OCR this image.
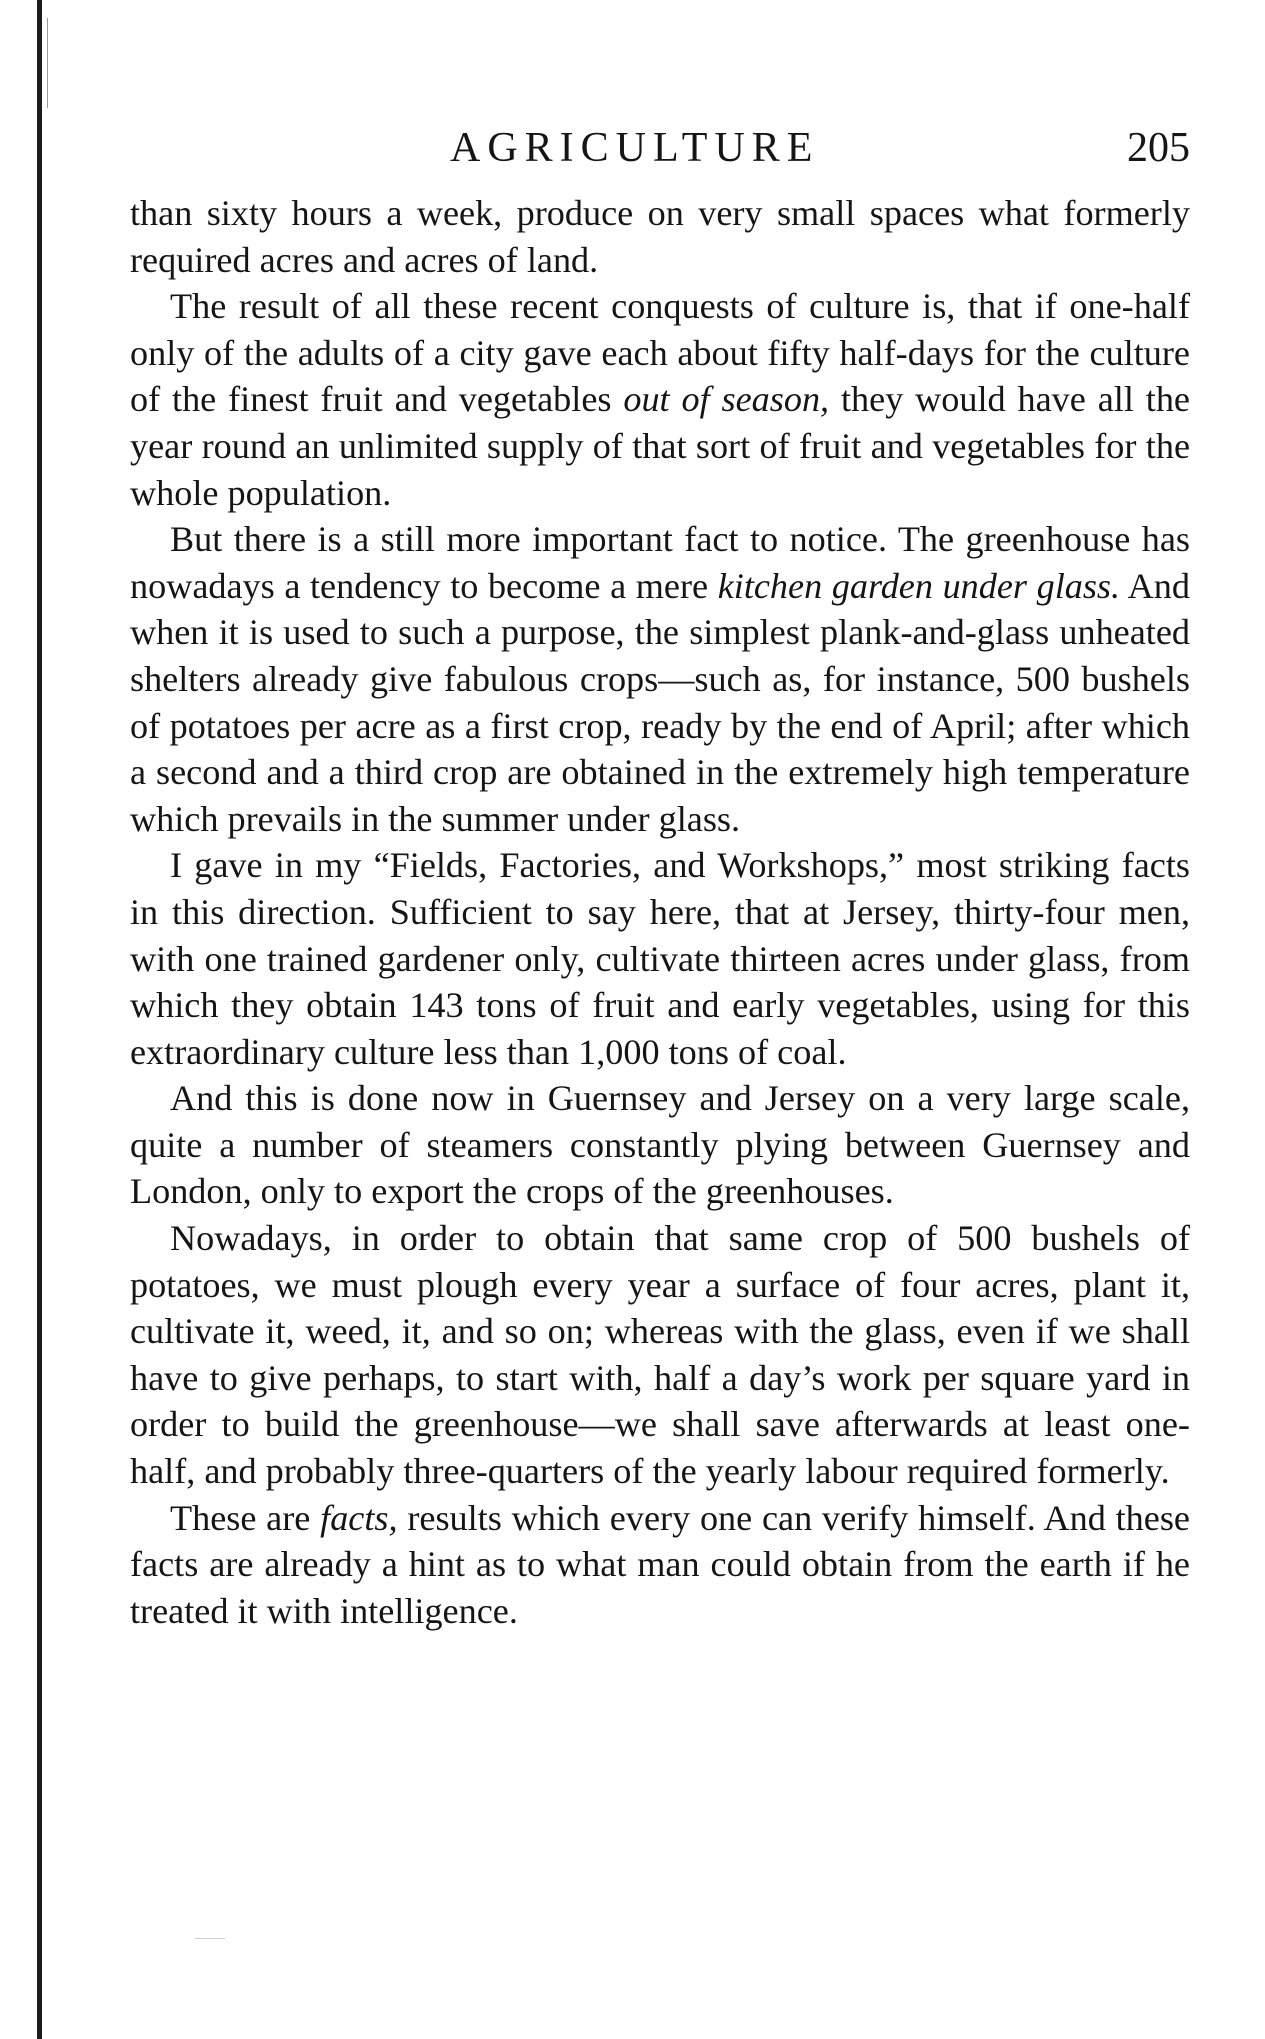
AGRICULTURE	205

than sixty hours a week, produce on very small spaces what formerly required acres and acres of land.

The result of all these recent conquests of culture is, that if one-half only of the adults of a city gave each about fifty half-days for the culture of the finest fruit and vegetables out of season, they would have all the year round an unlimited supply of that sort of fruit and vegetables for the whole population.

But there is a still more important fact to notice. The greenhouse has nowadays a tendency to become a mere kitchen garden under glass. And when it is used to such a purpose, the simplest plank-and-glass unheated shelters already give fabulous crops—such as, for instance, 500 bushels of potatoes per acre as a first crop, ready by the end of April; after which a second and a third crop are obtained in the extremely high temperature which prevails in the summer under glass.

I gave in my “Fields, Factories, and Workshops,” most striking facts in this direction. Sufficient to say here, that at Jersey, thirty-four men, with one trained gardener only, cultivate thirteen acres under glass, from which they obtain 143 tons of fruit and early vegetables, using for this extraordinary culture less than 1,000 tons of coal.

And this is done now in Guernsey and Jersey on a very large scale, quite a number of steamers constantly plying between Guernsey and London, only to export the crops of the greenhouses.

Nowadays, in order to obtain that same crop of 500 bushels of potatoes, we must plough every year a surface of four acres, plant it, cultivate it, weed, it, and so on; whereas with the glass, even if we shall have to give perhaps, to start with, half a day’s work per square yard in order to build the greenhouse—we shall save afterwards at least one-half, and probably three-quarters of the yearly labour required formerly.

These are facts, results which every one can verify himself. And these facts are already a hint as to what man could obtain from the earth if he treated it with intelligence.
